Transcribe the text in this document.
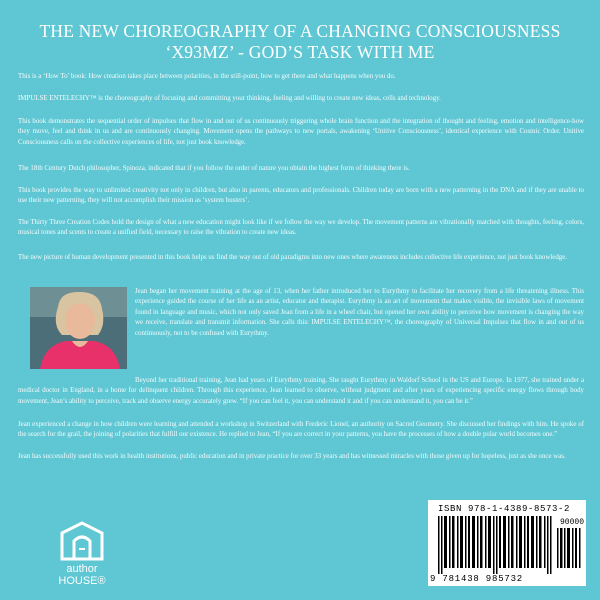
THE NEW CHOREOGRAPHY OF A CHANGING CONSCIOUSNESS
‘X93MZ’ - GOD’S TASK WITH ME
This is a ‘How To’ book: How creation takes place between polarities, in the still-point, how to get there and what happens when you do.
IMPULSE ENTELECHY™ is the choreography of focusing and committing your thinking, feeling and willing to create new ideas, cells and technology.
This book demonstrates the sequential order of impulses that flow in and out of us continuously triggering whole brain function and the integration of thought and feeling, emotion and intelligence-how they move, feel and think in us and are continuously changing. Movement opens the pathways to new portals, awakening ‘Unitive Consciousness’, identical experience with Cosmic Order. Unitive Consciousness calls on the collective experiences of life, not just book knowledge.
The 18th Century Dutch philosopher, Spinoza, indicated that if you follow the order of nature you obtain the highest form of thinking there is.
This book provides the way to unlimited creativity not only in children, but also in parents, educators and professionals. Children today are born with a new patterning in the DNA and if they are unable to use their new patterning, they will not accomplish their mission as ‘system busters’.
The Thirty Three Creation Codes hold the design of what a new education might look like if we follow the way we develop. The movement patterns are vibrationally matched with thoughts, feeling, colors, musical tones and scents to create a unified field, necessary to raise the vibration to create new ideas.
The new picture of human development presented in this book helps us find the way out of old paradigms into new ones where awareness includes collective life experience, not just book knowledge.
Jean began her movement training at the age of 13, when her father introduced her to Eurythmy to facilitate her recovery from a life threatening illness. This experience guided the course of her life as an artist, educator and therapist. Eurythmy is an art of movement that makes visible, the invisible laws of movement found in language and music, which not only saved Jean from a life in a wheel chair, but opened her own ability to perceive how movement is changing the way we receive, translate and transmit information. She calls this: IMPULSE ENTELECHY™, the choreography of Universal Impulses that flow in and out of us continuously, not to be confused with Eurythmy.
Beyond her traditional training, Jean had years of Eurythmy training. She taught Eurythmy in Waldorf School in the US and Europe. In 1977, she trained under a medical doctor in England, in a home for delinquent children. Through this experience, Jean learned to observe, without judgment and after years of experiencing specific energy flows through body movement, Jean’s ability to perceive, track and observe energy accurately grew. “If you can feel it, you can understand it and if you can understand it, you can be it.”
Jean experienced a change in how children were learning and attended a workshop in Switzerland with Frederic Lionel, an authority on Sacred Geometry. She discussed her findings with him. He spoke of the search for the grail, the joining of polarities that fulfill our existence. He replied to Jean, “If you are correct in your patterns, you have the processes of how a double polar world becomes one.”
Jean has successfully used this work in health institutions, public education and in private practice for over 33 years and has witnessed miracles with those given up for hopeless, just as she once was.
author HOUSE®
ISBN 978-1-4389-8573-2
90000
9 781438 985732
